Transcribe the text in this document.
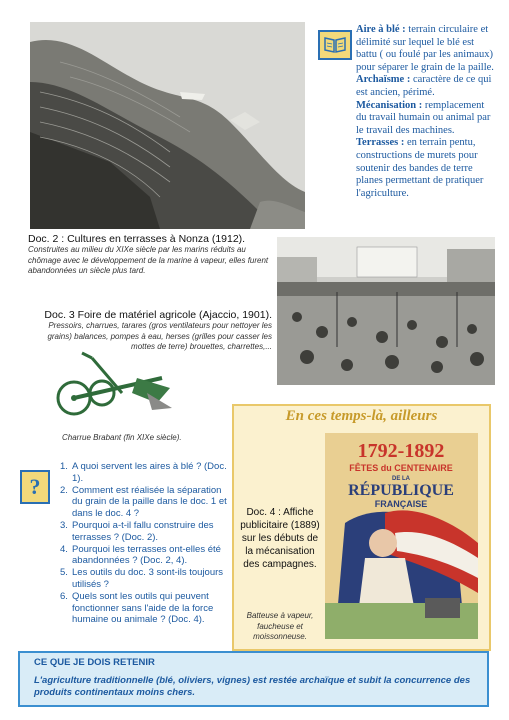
Aire à blé : terrain circulaire et délimité sur lequel le blé est battu ( ou foulé par les animaux) pour séparer le grain de la paille.
Archaïsme : caractère de ce qui est ancien, périmé.
Mécanisation : remplacement du travail humain ou animal par le travail des machines.
Terrasses : en terrain pentu, constructions de murets pour soutenir des bandes de terre planes permettant de pratiquer l'agriculture.
Doc. 2 : Cultures en terrasses à Nonza (1912).
Construites au milieu du XIXe siècle par les marins réduits au chômage avec le développement de la marine à vapeur, elles furent abandonnées un siècle plus tard.
Doc. 3 Foire de matériel agricole (Ajaccio, 1901).
Pressoirs, charrues, tarares (gros ventilateurs pour nettoyer les grains) balances, pompes à eau, herses (grilles pour casser les mottes de terre) brouettes, charrettes,...
Charrue Brabant (fin XIXe siècle).
?
1. A quoi servent les aires à blé ? (Doc. 1).
2. Comment est réalisée la séparation du grain de la paille dans le doc. 1 et dans le doc. 4 ?
3. Pourquoi a-t-il fallu construire des terrasses ? (Doc. 2).
4. Pourquoi les terrasses ont-elles été abandonnées ? (Doc. 2, 4).
5. Les outils du doc. 3 sont-ils toujours utilisés ?
6. Quels sont les outils qui peuvent fonctionner sans l'aide de la force humaine ou animale ? (Doc. 4).
En ces temps-là, ailleurs
Doc. 4 : Affiche publicitaire (1889) sur les débuts de la mécanisation des campagnes.
Batteuse à vapeur, faucheuse et moissonneuse.
1792-1892
FÊTES du CENTENAIRE
DE LA
RÉPUBLIQUE
FRANÇAISE
CE QUE JE DOIS RETENIR
L'agriculture traditionnelle (blé, oliviers, vignes) est restée archaïque et subit la concurrence des produits continentaux moins chers.
